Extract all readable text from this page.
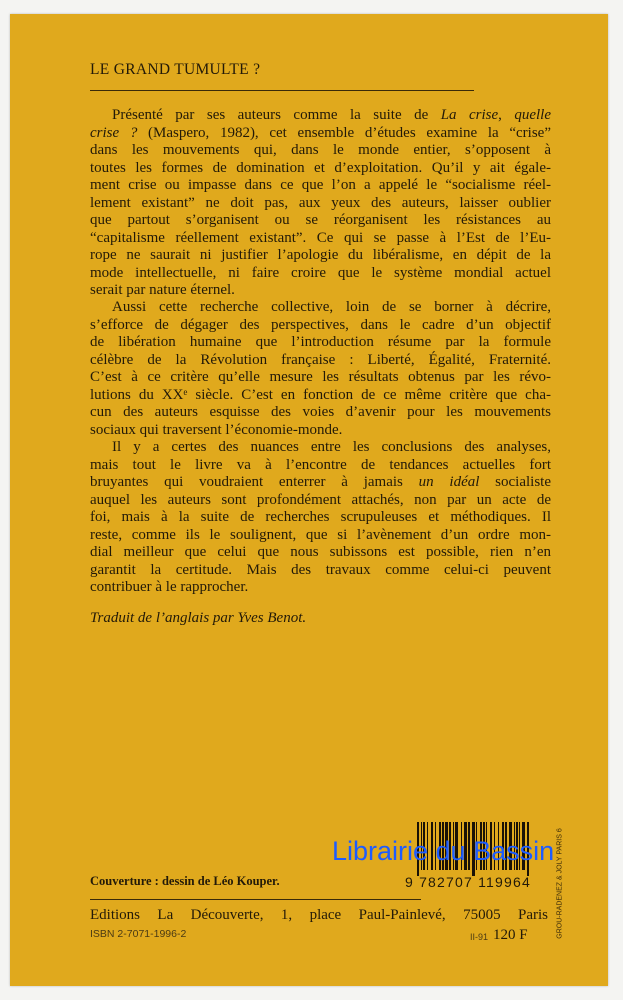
LE GRAND TUMULTE ?
Présenté par ses auteurs comme la suite de La crise, quelle
crise ? (Maspero, 1982), cet ensemble d’études examine la “crise”
dans les mouvements qui, dans le monde entier, s’opposent à
toutes les formes de domination et d’exploitation. Qu’il y ait égale-
ment crise ou impasse dans ce que l’on a appelé le “socialisme réel-
lement existant” ne doit pas, aux yeux des auteurs, laisser oublier
que partout s’organisent ou se réorganisent les résistances au
“capitalisme réellement existant”. Ce qui se passe à l’Est de l’Eu-
rope ne saurait ni justifier l’apologie du libéralisme, en dépit de la
mode intellectuelle, ni faire croire que le système mondial actuel
serait par nature éternel.
Aussi cette recherche collective, loin de se borner à décrire,
s’efforce de dégager des perspectives, dans le cadre d’un objectif
de libération humaine que l’introduction résume par la formule
célèbre de la Révolution française : Liberté, Égalité, Fraternité.
C’est à ce critère qu’elle mesure les résultats obtenus par les révo-
lutions du XXᵉ siècle. C’est en fonction de ce même critère que cha-
cun des auteurs esquisse des voies d’avenir pour les mouvements
sociaux qui traversent l’économie-monde.
Il y a certes des nuances entre les conclusions des analyses,
mais tout le livre va à l’encontre de tendances actuelles fort
bruyantes qui voudraient enterrer à jamais un idéal socialiste
auquel les auteurs sont profondément attachés, non par un acte de
foi, mais à la suite de recherches scrupuleuses et méthodiques. Il
reste, comme ils le soulignent, que si l’avènement d’un ordre mon-
dial meilleur que celui que nous subissons est possible, rien n’en
garantit la certitude. Mais des travaux comme celui-ci peuvent
contribuer à le rapprocher.
Traduit de l’anglais par Yves Benot.
9 782707 119964	GROU-RADENEZ & JOLY PARIS 6
Couverture : dessin de Léo Kouper.
Editions La Découverte, 1, place Paul-Painlevé, 75005 Paris
ISBN 2-7071-1996-2	II-91 120 F
Librairie du Bassin
